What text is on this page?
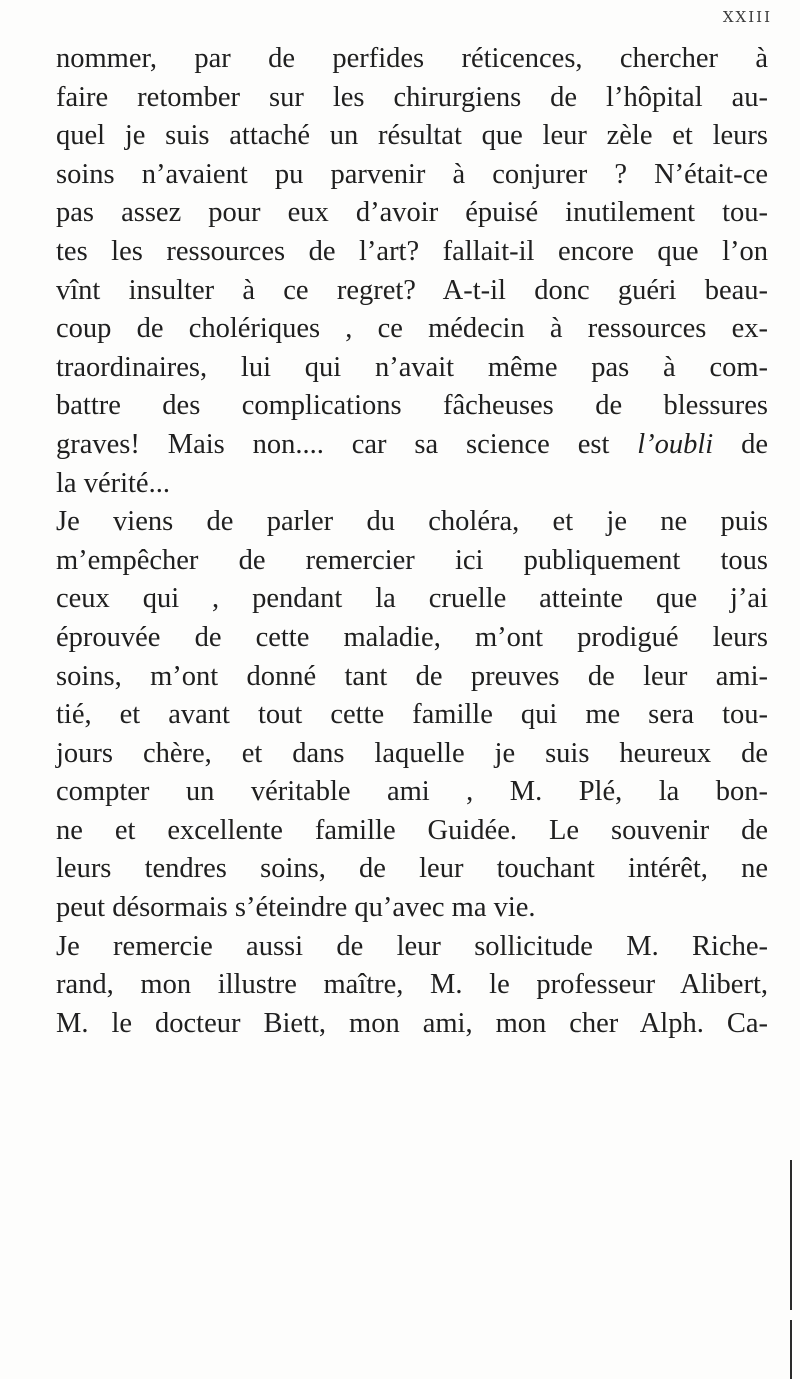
XXIII
nommer, par de perfides réticences, chercher à
faire retomber sur les chirurgiens de l’hôpital au-
quel je suis attaché un résultat que leur zèle et leurs
soins n’avaient pu parvenir à conjurer ? N’était-ce
pas assez pour eux d’avoir épuisé inutilement tou-
tes les ressources de l’art? fallait-il encore que l’on
vînt insulter à ce regret? A-t-il donc guéri beau-
coup de cholériques , ce médecin à ressources ex-
traordinaires, lui qui n’avait même pas à com-
battre des complications fâcheuses de blessures
graves! Mais non.... car sa science est l’oubli de
la vérité...
Je viens de parler du choléra, et je ne puis
m’empêcher de remercier ici publiquement tous
ceux qui , pendant la cruelle atteinte que j’ai
éprouvée de cette maladie, m’ont prodigué leurs
soins, m’ont donné tant de preuves de leur ami-
tié, et avant tout cette famille qui me sera tou-
jours chère, et dans laquelle je suis heureux de
compter un véritable ami , M. Plé, la bon-
ne et excellente famille Guidée. Le souvenir de
leurs tendres soins, de leur touchant intérêt, ne
peut désormais s’éteindre qu’avec ma vie.
Je remercie aussi de leur sollicitude M. Riche-
rand, mon illustre maître, M. le professeur Alibert,
M. le docteur Biett, mon ami, mon cher Alph. Ca-
